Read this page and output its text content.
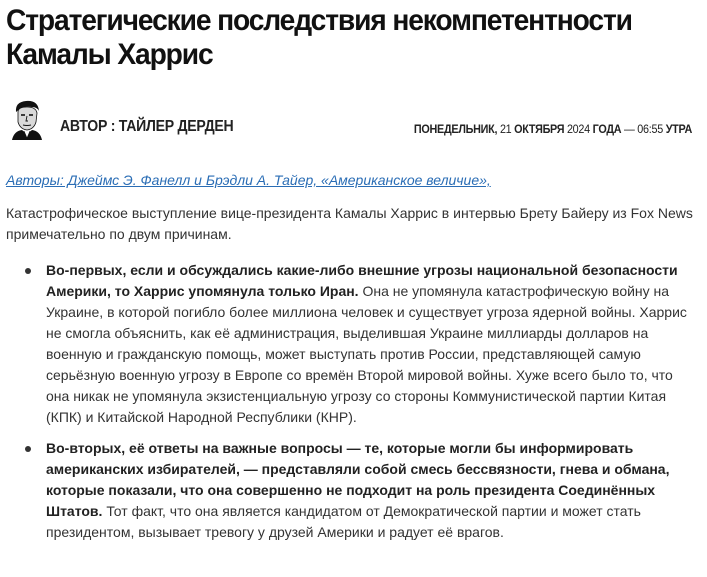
Стратегические последствия некомпетентности
Камалы Харрис
АВТОР : ТАЙЛЕР ДЕРДЕН	ПОНЕДЕЛЬНИК, 21 ОКТЯБРЯ 2024 ГОДА — 06:55 УТРА
Авторы: Джеймс Э. Фанелл и Брэдли А. Тайер, «Американское величие»,

Катастрофическое выступление вице-президента Камалы Харрис в интервью Брету Байеру из Fox News примечательно по двум причинам.

Во-первых, если и обсуждались какие-либо внешние угрозы национальной безопасности Америки, то Харрис упомянула только Иран. Она не упомянула катастрофическую войну на Украине, в которой погибло более миллиона человек и существует угроза ядерной войны. Харрис не смогла объяснить, как её администрация, выделившая Украине миллиарды долларов на военную и гражданскую помощь, может выступать против России, представляющей самую серьёзную военную угрозу в Европе со времён Второй мировой войны. Хуже всего было то, что она никак не упомянула экзистенциальную угрозу со стороны Коммунистической партии Китая (КПК) и Китайской Народной Республики (КНР).
Во-вторых, её ответы на важные вопросы — те, которые могли бы информировать американских избирателей, — представляли собой смесь бессвязности, гнева и обмана, которые показали, что она совершенно не подходит на роль президента Соединённых Штатов. Тот факт, что она является кандидатом от Демократической партии и может стать президентом, вызывает тревогу у друзей Америки и радует её врагов.
